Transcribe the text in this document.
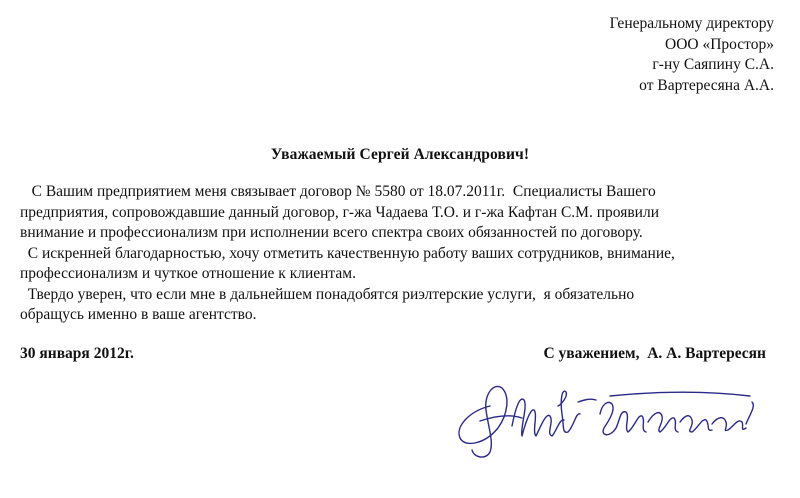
Генеральному директору
ООО «Простор»
г-ну Саяпину С.А.
от Вартересяна А.А.
Уважаемый Сергей Александрович!
С Вашим предприятием меня связывает договор № 5580 от 18.07.2011г.  Специалисты Вашего
предприятия, сопровождавшие данный договор, г-жа Чадаева Т.О. и г-жа Кафтан С.М. проявили
внимание и профессионализм при исполнении всего спектра своих обязанностей по договору.
С искренней благодарностью, хочу отметить качественную работу ваших сотрудников, внимание,
профессионализм и чуткое отношение к клиентам.
Твердо уверен, что если мне в дальнейшем понадобятся риэлтерские услуги,  я обязательно
обращусь именно в ваше агентство.
30 января 2012г.	С уважением,  А. А. Вартересян
